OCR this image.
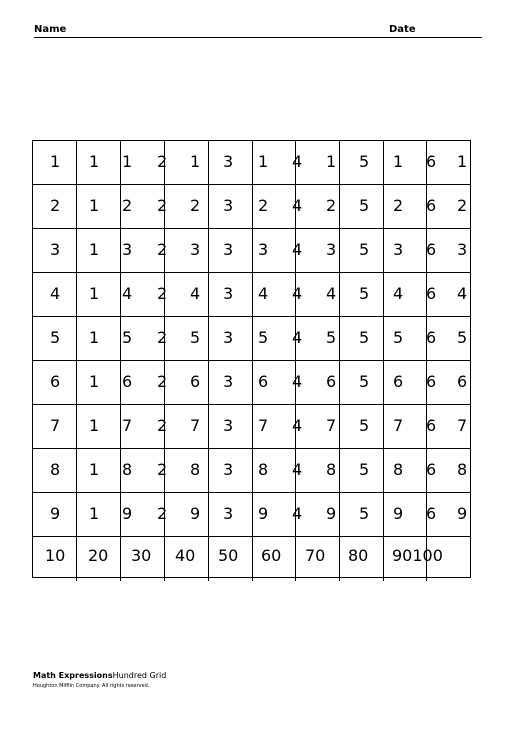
Name	Date
1 1 1 2 1 3 1 4 1 5 1 6 1
2 1 2 2 2 3 2 4 2 5 2 6 2
3 1 3 2 3 3 3 4 3 5 3 6 3
4 1 4 2 4 3 4 4 4 5 4 6 4
5 1 5 2 5 3 5 4 5 5 5 6 5
6 1 6 2 6 3 6 4 6 5 6 6 6
7 1 7 2 7 3 7 4 7 5 7 6 7
8 1 8 2 8 3 8 4 8 5 8 6 8
9 1 9 2 9 3 9 4 9 5 9 6 9
10 20 30 40 50 60 70 80 90100
Math ExpressionsHundred Grid
Houghton Mifflin Company. All rights reserved.
